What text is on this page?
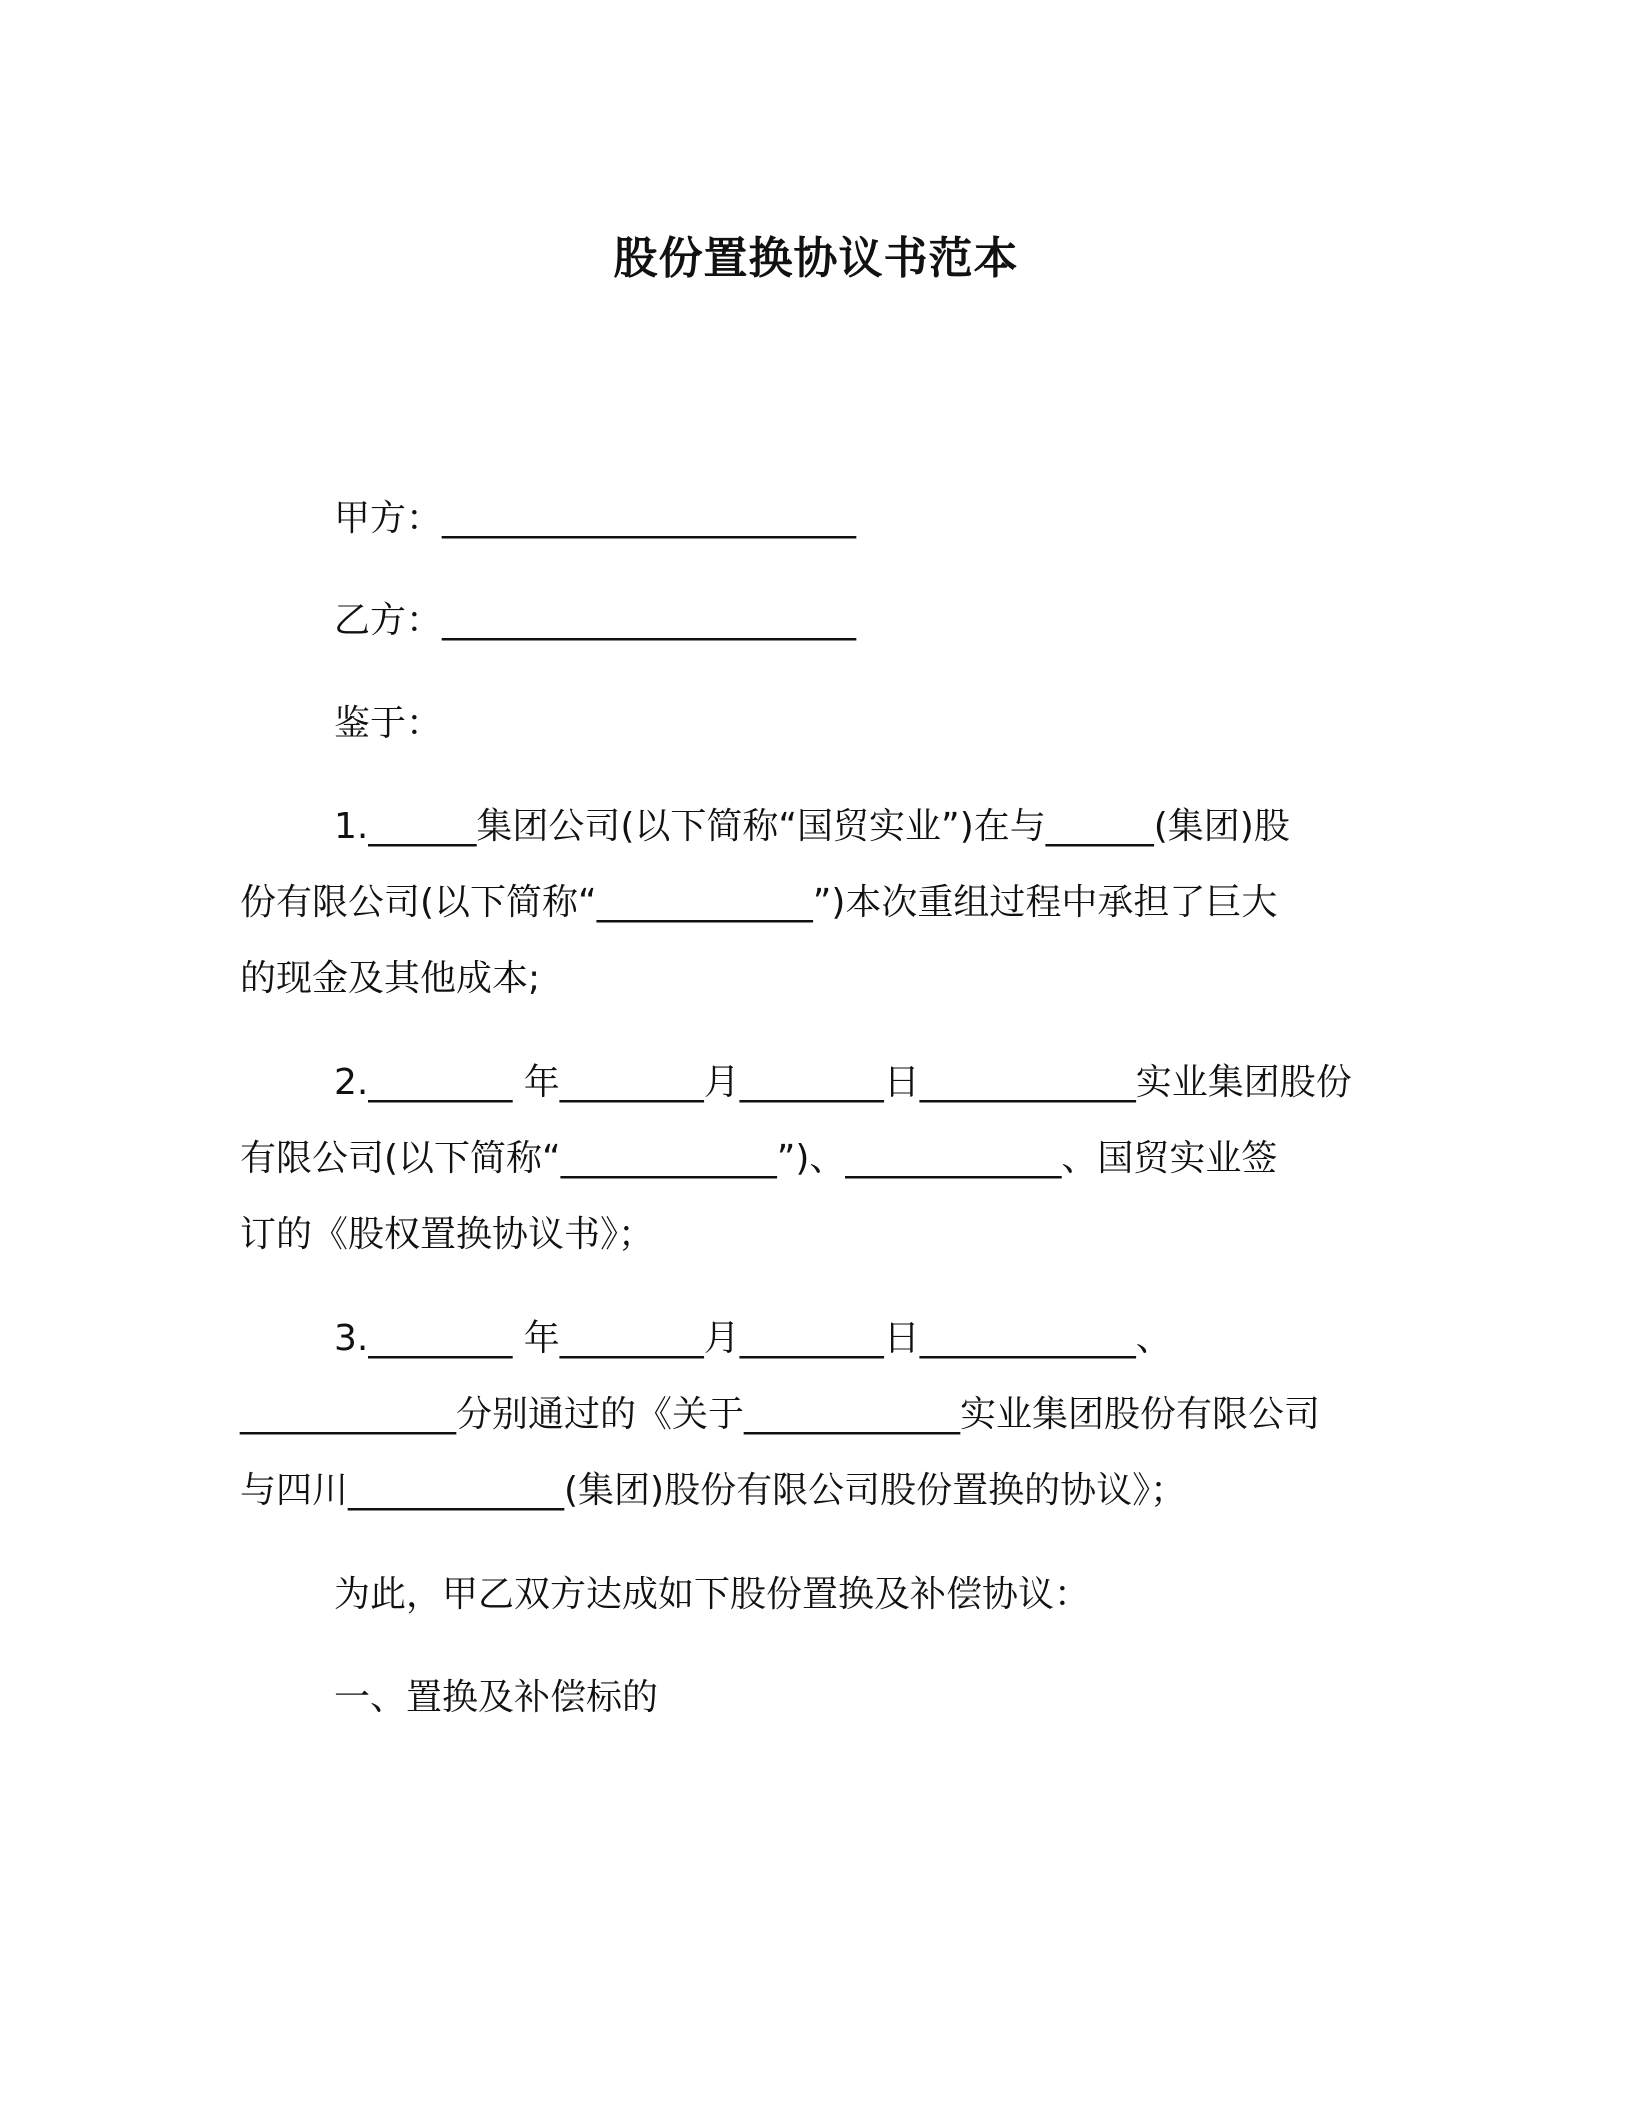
股份置换协议书范本
甲方：_______________________
乙方：_______________________
鉴于：
1.______集团公司(以下简称“国贸实业”)在与______(集团)股
份有限公司(以下简称“____________”)本次重组过程中承担了巨大
的现金及其他成本;
2.________ 年________月________日____________实业集团股份
有限公司(以下简称“____________”)、____________、国贸实业签
订的《股权置换协议书》；
3.________ 年________月________日____________、
____________分别通过的《关于____________实业集团股份有限公司
与四川____________(集团)股份有限公司股份置换的协议》；
为此，甲乙双方达成如下股份置换及补偿协议：
一、置换及补偿标的
